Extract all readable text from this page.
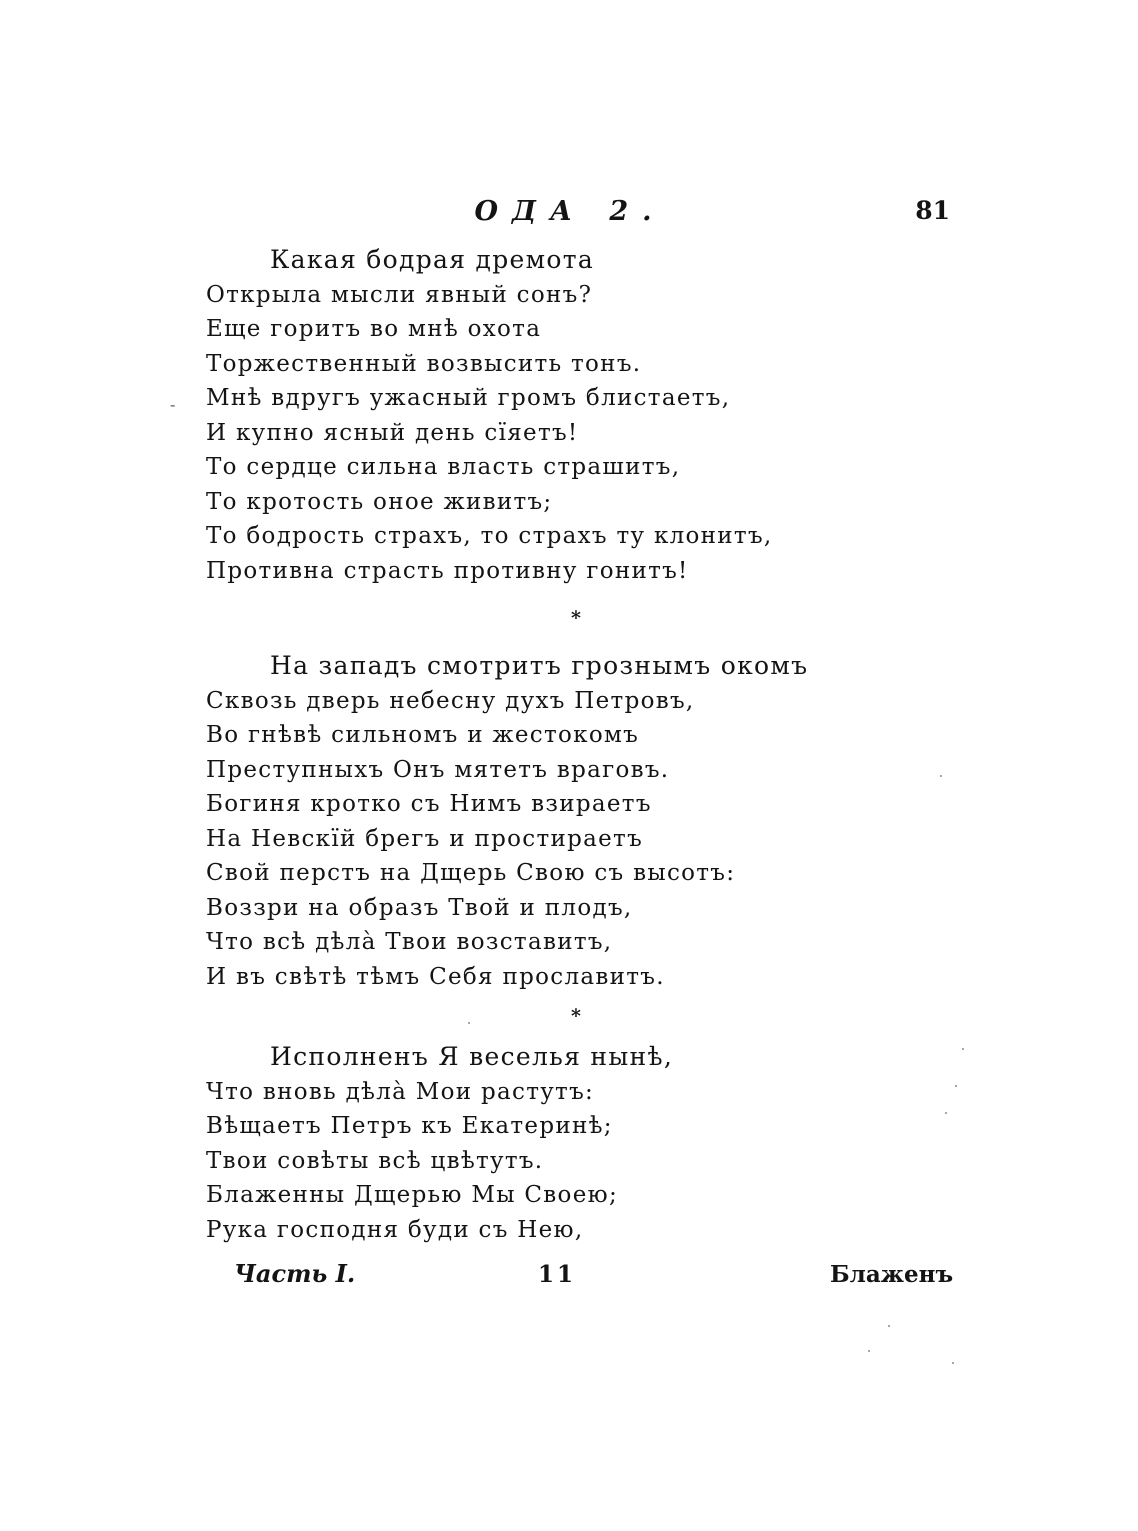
ОДА 2.	81
-
Какая бодрая дремота
Открыла мысли явный сонъ?
Еще горитъ во мнѣ охота
Торжественный возвысить тонъ.
Мнѣ вдругъ ужасный громъ блистаетъ,
И купно ясный день сїяетъ!
То сердце сильна власть страшитъ,
То кротость оное живитъ;
То бодрость страхъ, то страхъ ту клонитъ,
Противна страсть противну гонитъ!
*
На западъ смотритъ грознымъ окомъ
Сквозь дверь небесну духъ Петровъ,
Во гнѣвѣ сильномъ и жестокомъ
Преступныхъ Онъ мятетъ враговъ.
Богиня кротко съ Нимъ взираетъ
На Невскїй брегъ и простираетъ
Свой перстъ на Дщерь Свою съ высотъ:
Воззри на образъ Твой и плодъ,
Что всѣ дѣла̀ Твои возставитъ,
И въ свѣтѣ тѣмъ Себя прославитъ.
*
Исполненъ Я веселья нынѣ,
Что вновь дѣла̀ Мои растутъ:
Вѣщаетъ Петръ къ Екатеринѣ;
Твои совѣты всѣ цвѣтутъ.
Блаженны Дщерью Мы Своею;
Рука господня буди съ Нею,
Часть I.	11	Блаженъ
